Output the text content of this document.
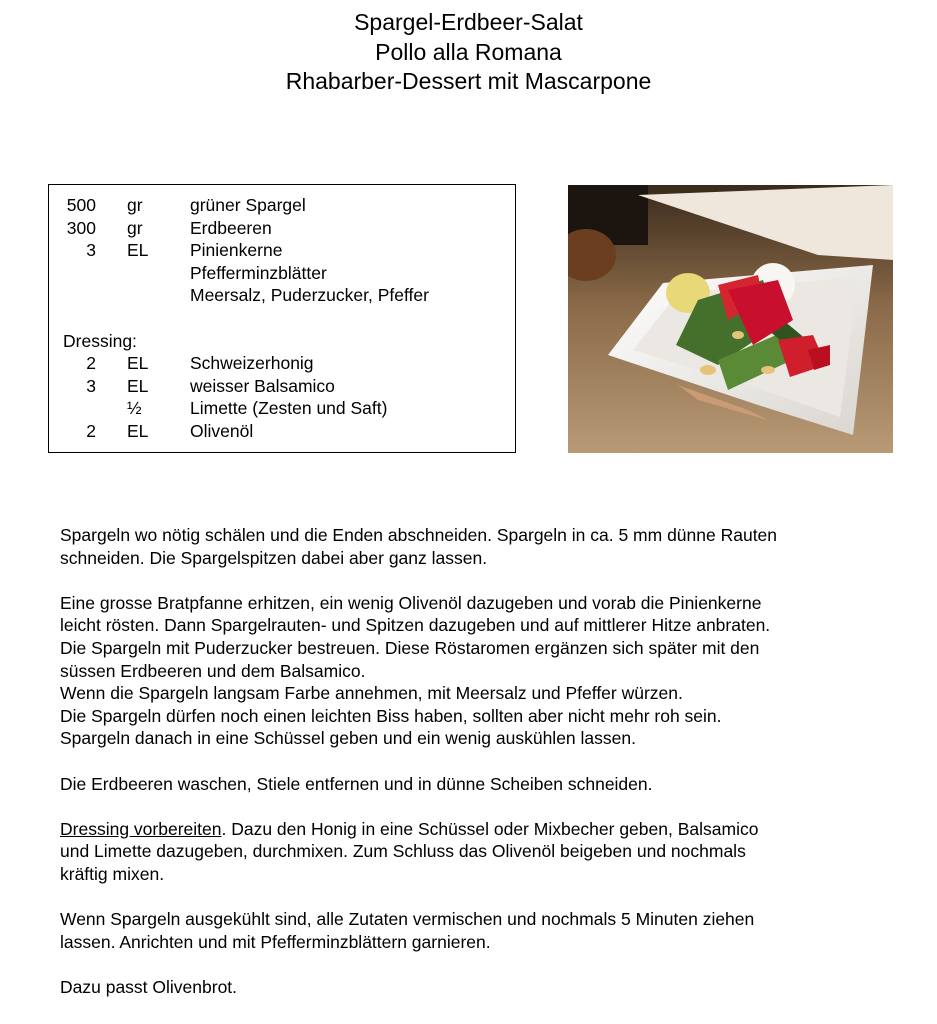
Spargel-Erdbeer-Salat
Pollo alla Romana
Rhabarber-Dessert mit Mascarpone
500 gr	grüner Spargel
300 gr	Erdbeeren
3 EL Pinienkerne
Pfefferminzblätter
Meersalz, Puderzucker, Pfeffer
Dressing:
2 EL Schweizerhonig
3 EL weisser Balsamico
½	Limette (Zesten und Saft)
2 EL Olivenöl

Spargeln wo nötig schälen und die Enden abschneiden. Spargeln in ca. 5 mm dünne Rauten
schneiden. Die Spargelspitzen dabei aber ganz lassen.

Eine grosse Bratpfanne erhitzen, ein wenig Olivenöl dazugeben und vorab die Pinienkerne
leicht rösten. Dann Spargelrauten- und Spitzen dazugeben und auf mittlerer Hitze anbraten.
Die Spargeln mit Puderzucker bestreuen. Diese Röstaromen ergänzen sich später mit den
süssen Erdbeeren und dem Balsamico.
Wenn die Spargeln langsam Farbe annehmen, mit Meersalz und Pfeffer würzen.
Die Spargeln dürfen noch einen leichten Biss haben, sollten aber nicht mehr roh sein.
Spargeln danach in eine Schüssel geben und ein wenig auskühlen lassen.

Die Erdbeeren waschen, Stiele entfernen und in dünne Scheiben schneiden.

Dressing vorbereiten. Dazu den Honig in eine Schüssel oder Mixbecher geben, Balsamico
und Limette dazugeben, durchmixen. Zum Schluss das Olivenöl beigeben und nochmals
kräftig mixen.

Wenn Spargeln ausgekühlt sind, alle Zutaten vermischen und nochmals 5 Minuten ziehen
lassen. Anrichten und mit Pfefferminzblättern garnieren.

Dazu passt Olivenbrot.
